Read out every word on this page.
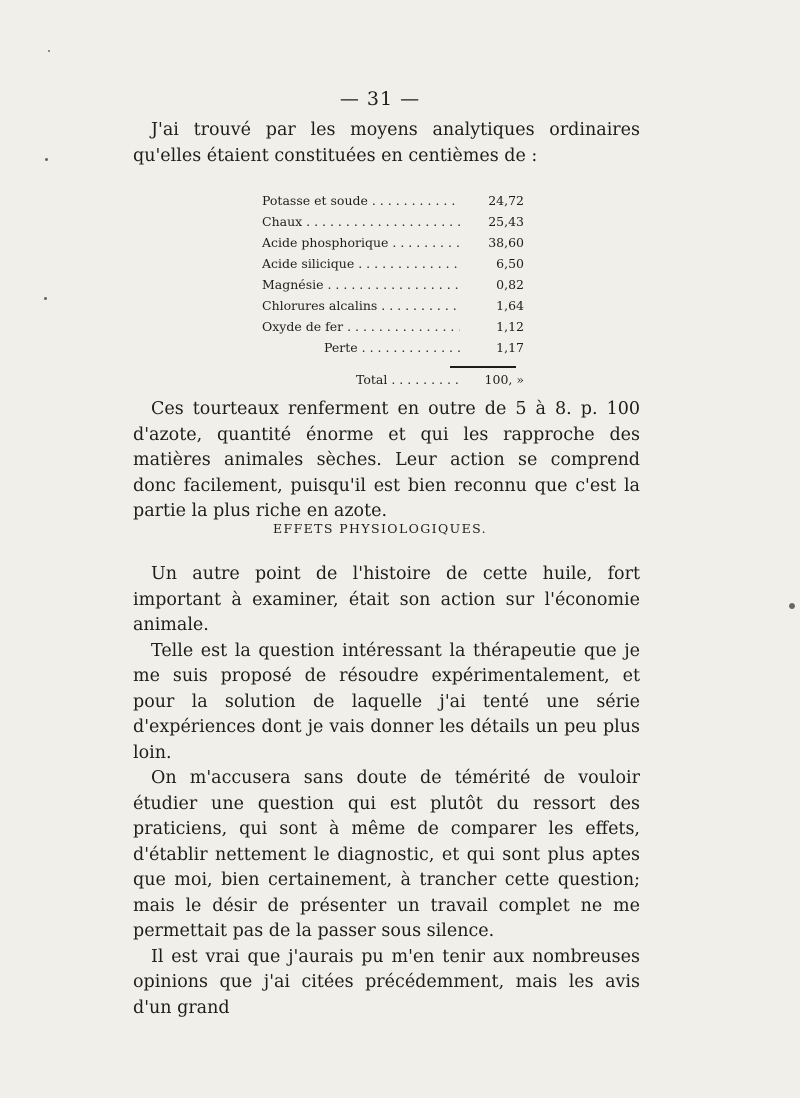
— 31 —

J'ai trouvé par les moyens analytiques ordinaires qu'elles étaient constituées en centièmes de :

Potasse et soude . . .	24,72
Chaux . . .	25,43
Acide phosphorique . . .	38,60
Acide silicique . . .	6,50
Magnésie . . .	0,82
Chlorures alcalins . . .	1,64
Oxyde de fer . . .	1,12
Perte . . .	1,17
Total . . .	100, »

Ces tourteaux renferment en outre de 5 à 8. p. 100 d'azote, quantité énorme et qui les rapproche des matières animales sèches. Leur action se comprend donc facilement, puisqu'il est bien reconnu que c'est la partie la plus riche en azote.

EFFETS PHYSIOLOGIQUES.

Un autre point de l'histoire de cette huile, fort important à examiner, était son action sur l'économie animale.

Telle est la question intéressant la thérapeutie que je me suis proposé de résoudre expérimentalement, et pour la solution de laquelle j'ai tenté une série d'expériences dont je vais donner les détails un peu plus loin.

On m'accusera sans doute de témérité de vouloir étudier une question qui est plutôt du ressort des praticiens, qui sont à même de comparer les effets, d'établir nettement le diagnostic, et qui sont plus aptes que moi, bien certainement, à trancher cette question; mais le désir de présenter un travail complet ne me permettait pas de la passer sous silence.

Il est vrai que j'aurais pu m'en tenir aux nombreuses opinions que j'ai citées précédemment, mais les avis d'un grand
